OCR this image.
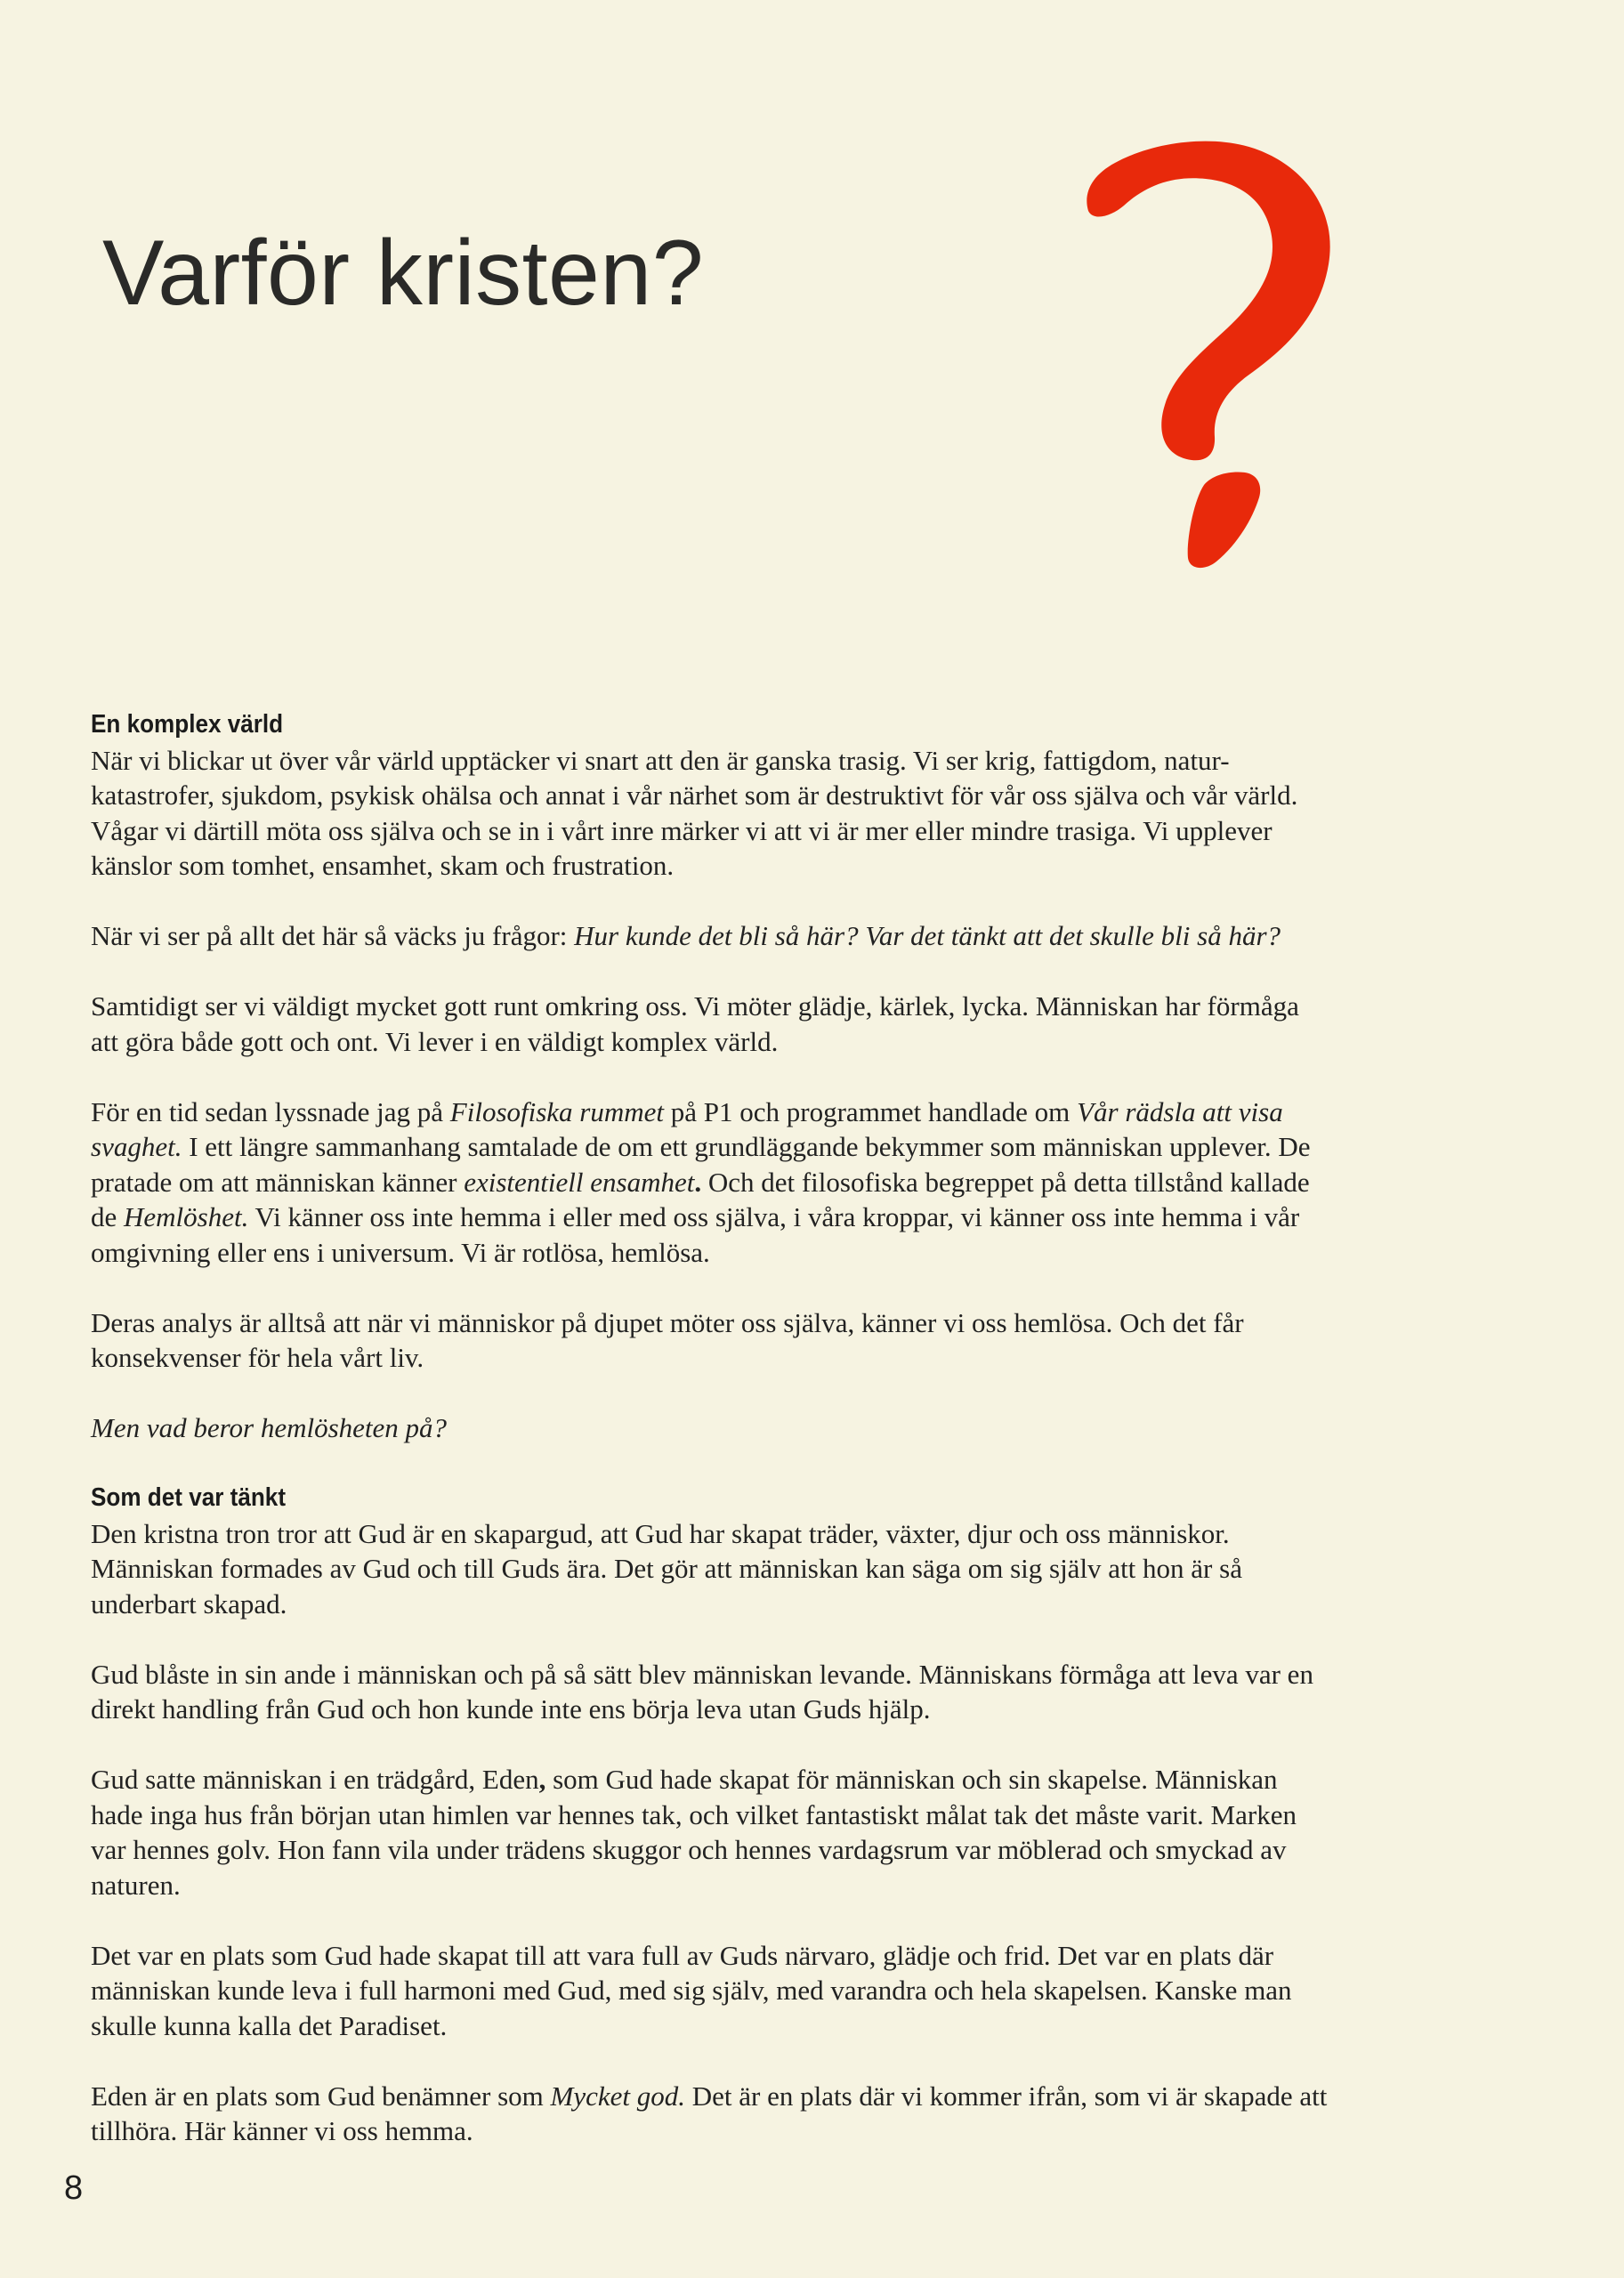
Varför kristen?
En komplex värld

När vi blickar ut över vår värld upptäcker vi snart att den är ganska trasig. Vi ser krig, fattigdom, natur-
katastrofer, sjukdom, psykisk ohälsa och annat i vår närhet som är destruktivt för vår oss själva och vår värld.
Vågar vi därtill möta oss själva och se in i vårt inre märker vi att vi är mer eller mindre trasiga. Vi upplever
känslor som tomhet, ensamhet, skam och frustration.

När vi ser på allt det här så väcks ju frågor: Hur kunde det bli så här? Var det tänkt att det skulle bli så här?

Samtidigt ser vi väldigt mycket gott runt omkring oss. Vi möter glädje, kärlek, lycka. Människan har förmåga
att göra både gott och ont. Vi lever i en väldigt komplex värld.

För en tid sedan lyssnade jag på Filosofiska rummet på P1 och programmet handlade om Vår rädsla att visa
svaghet. I ett längre sammanhang samtalade de om ett grundläggande bekymmer som människan upplever. De
pratade om att människan känner existentiell ensamhet. Och det filosofiska begreppet på detta tillstånd kallade
de Hemlöshet. Vi känner oss inte hemma i eller med oss själva, i våra kroppar, vi känner oss inte hemma i vår
omgivning eller ens i universum. Vi är rotlösa, hemlösa.

Deras analys är alltså att när vi människor på djupet möter oss själva, känner vi oss hemlösa. Och det får
konsekvenser för hela vårt liv.

Men vad beror hemlösheten på?

Som det var tänkt

Den kristna tron tror att Gud är en skapargud, att Gud har skapat träder, växter, djur och oss människor.
Människan formades av Gud och till Guds ära. Det gör att människan kan säga om sig själv att hon är så
underbart skapad.

Gud blåste in sin ande i människan och på så sätt blev människan levande. Människans förmåga att leva var en
direkt handling från Gud och hon kunde inte ens börja leva utan Guds hjälp.

Gud satte människan i en trädgård, Eden, som Gud hade skapat för människan och sin skapelse. Människan
hade inga hus från början utan himlen var hennes tak, och vilket fantastiskt målat tak det måste varit. Marken
var hennes golv. Hon fann vila under trädens skuggor och hennes vardagsrum var möblerad och smyckad av
naturen.

Det var en plats som Gud hade skapat till att vara full av Guds närvaro, glädje och frid. Det var en plats där
människan kunde leva i full harmoni med Gud, med sig själv, med varandra och hela skapelsen. Kanske man
skulle kunna kalla det Paradiset.

Eden är en plats som Gud benämner som Mycket god. Det är en plats där vi kommer ifrån, som vi är skapade att
tillhöra. Här känner vi oss hemma.

8
